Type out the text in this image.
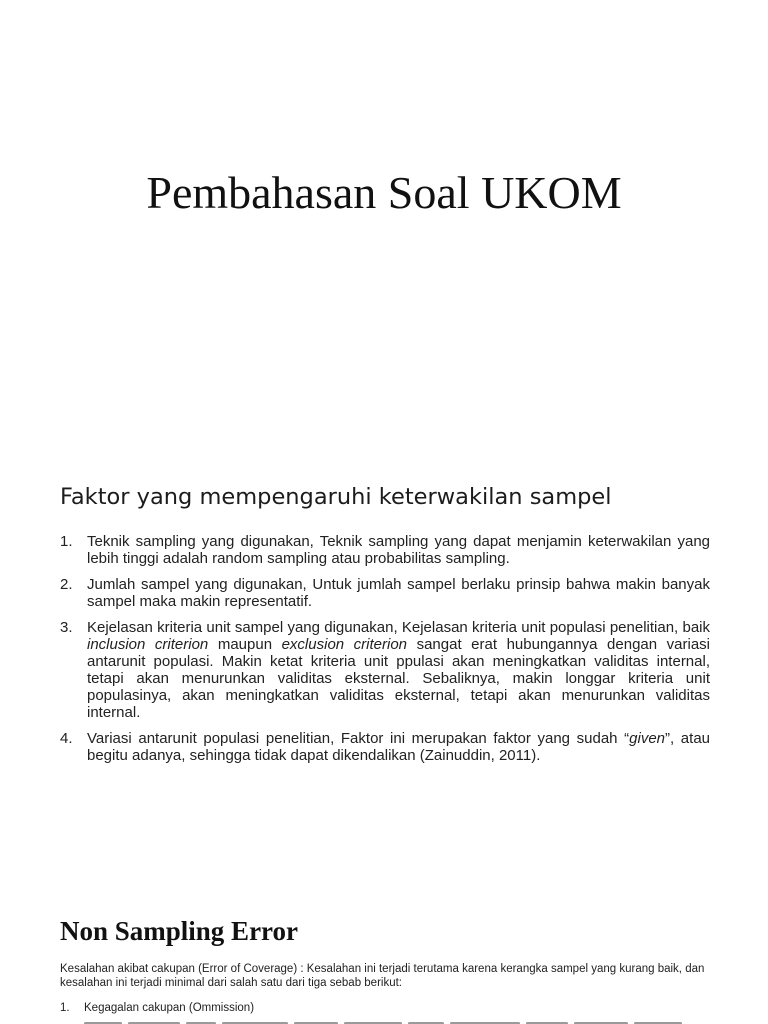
Pembahasan Soal UKOM
Faktor yang mempengaruhi keterwakilan sampel
1. Teknik sampling yang digunakan, Teknik sampling yang dapat menjamin keterwakilan yang lebih tinggi adalah random sampling atau probabilitas sampling.
2. Jumlah sampel yang digunakan, Untuk jumlah sampel berlaku prinsip bahwa makin banyak sampel maka makin representatif.
3. Kejelasan kriteria unit sampel yang digunakan, Kejelasan kriteria unit populasi penelitian, baik inclusion criterion maupun exclusion criterion sangat erat hubungannya dengan variasi antarunit populasi. Makin ketat kriteria unit ppulasi akan meningkatkan validitas internal, tetapi akan menurunkan validitas eksternal. Sebaliknya, makin longgar kriteria unit populasinya, akan meningkatkan validitas eksternal, tetapi akan menurunkan validitas internal.
4. Variasi antarunit populasi penelitian, Faktor ini merupakan faktor yang sudah “given”, atau begitu adanya, sehingga tidak dapat dikendalikan (Zainuddin, 2011).
Non Sampling Error

Kesalahan akibat cakupan (Error of Coverage) : Kesalahan ini terjadi terutama karena kerangka sampel yang kurang baik, dan kesalahan ini terjadi minimal dari salah satu dari tiga sebab berikut:

1. Kegagalan cakupan (Ommission)
